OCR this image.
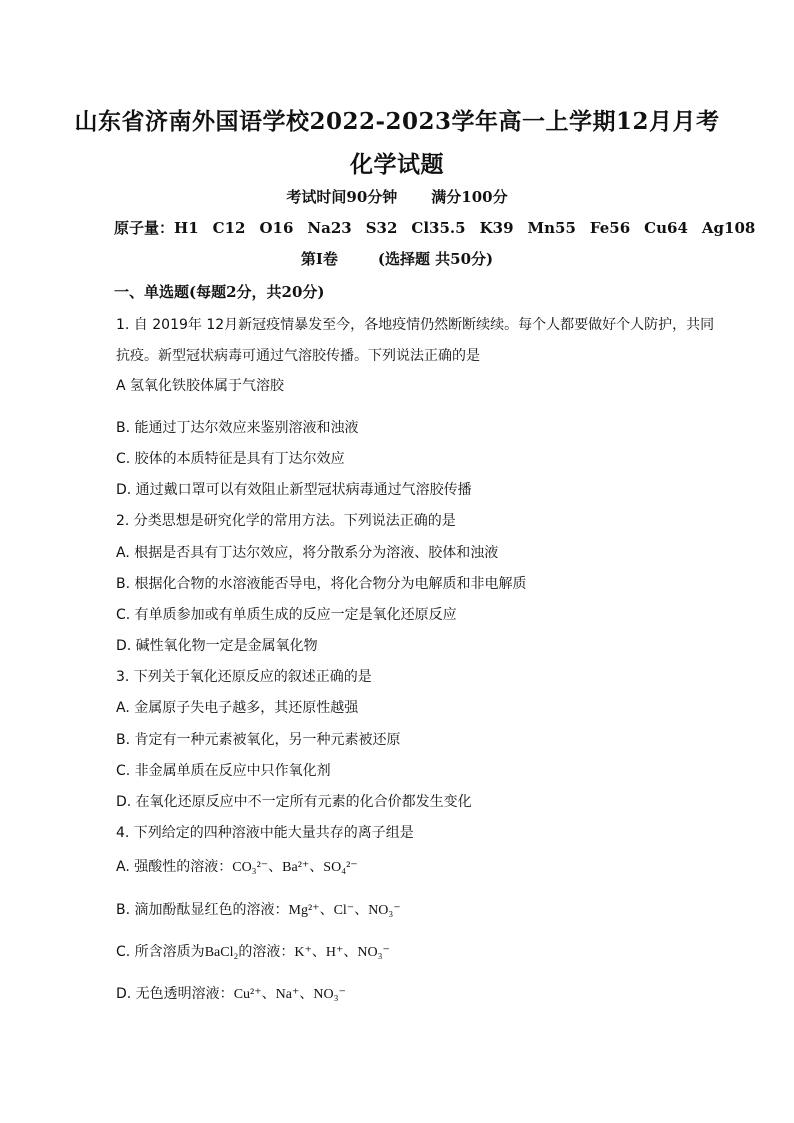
山东省济南外国语学校2022-2023学年高一上学期12月月考
化学试题
考试时间90分钟 满分100分
原子量：H1 C12 O16 Na23 S32 Cl35.5 K39 Mn55 Fe56 Cu64 Ag108
第I卷	(选择题 共50分)
一、单选题(每题2分，共20分)
1. 自 2019年 12月新冠疫情暴发至今，各地疫情仍然断断续续。每个人都要做好个人防护，共同
抗疫。新型冠状病毒可通过气溶胶传播。下列说法正确的是
A 氢氧化铁胶体属于气溶胶
B. 能通过丁达尔效应来鉴别溶液和浊液
C. 胶体的本质特征是具有丁达尔效应
D. 通过戴口罩可以有效阻止新型冠状病毒通过气溶胶传播
2. 分类思想是研究化学的常用方法。下列说法正确的是
A. 根据是否具有丁达尔效应，将分散系分为溶液、胶体和浊液
B. 根据化合物的水溶液能否导电，将化合物分为电解质和非电解质
C. 有单质参加或有单质生成的反应一定是氧化还原反应
D. 碱性氧化物一定是金属氧化物
3. 下列关于氧化还原反应的叙述正确的是
A. 金属原子失电子越多，其还原性越强
B. 肯定有一种元素被氧化，另一种元素被还原
C. 非金属单质在反应中只作氧化剂
D. 在氧化还原反应中不一定所有元素的化合价都发生变化
4. 下列给定的四种溶液中能大量共存的离子组是
A. 强酸性的溶液：CO₃²⁻、Ba²⁺、SO₄²⁻
B. 滴加酚酞显红色的溶液：Mg²⁺、Cl⁻、NO₃⁻
C. 所含溶质为BaCl₂的溶液：K⁺、H⁺、NO₃⁻
D. 无色透明溶液：Cu²⁺、Na⁺、NO₃⁻
